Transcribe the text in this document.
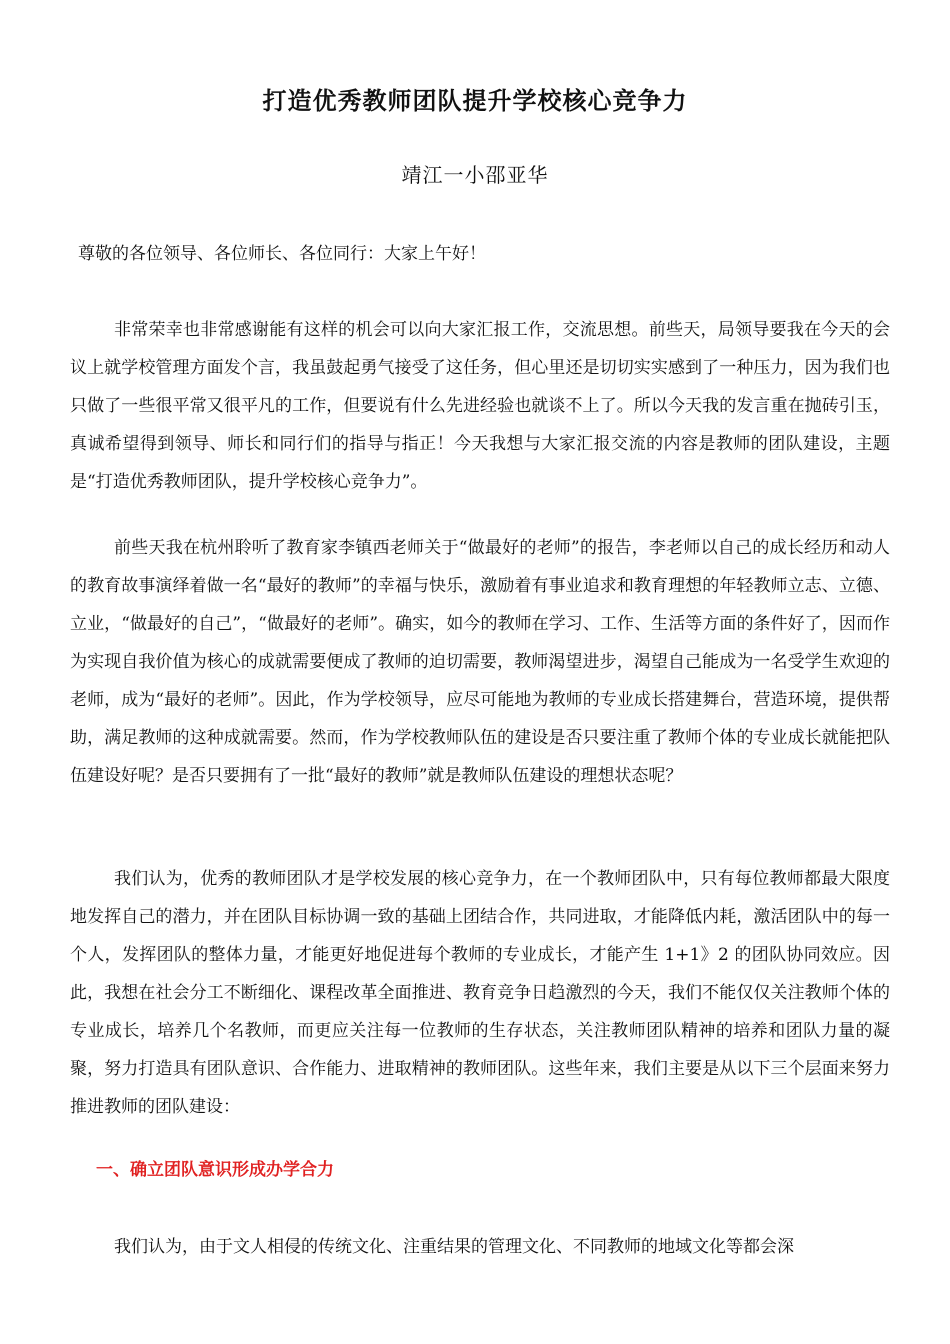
打造优秀教师团队提升学校核心竞争力
靖江一小邵亚华
尊敬的各位领导、各位师长、各位同行：大家上午好！

非常荣幸也非常感谢能有这样的机会可以向大家汇报工作，交流思想。前些天，局领导要我在今天的会议上就学校管理方面发个言，我虽鼓起勇气接受了这任务，但心里还是切切实实感到了一种压力，因为我们也只做了一些很平常又很平凡的工作，但要说有什么先进经验也就谈不上了。所以今天我的发言重在抛砖引玉，真诚希望得到领导、师长和同行们的指导与指正！今天我想与大家汇报交流的内容是教师的团队建设，主题是“打造优秀教师团队，提升学校核心竞争力”。

前些天我在杭州聆听了教育家李镇西老师关于“做最好的老师”的报告，李老师以自己的成长经历和动人的教育故事演绎着做一名“最好的教师”的幸福与快乐，激励着有事业追求和教育理想的年轻教师立志、立德、立业，“做最好的自己”，“做最好的老师”。确实，如今的教师在学习、工作、生活等方面的条件好了，因而作为实现自我价值为核心的成就需要便成了教师的迫切需要，教师渴望进步，渴望自己能成为一名受学生欢迎的老师，成为“最好的老师”。因此，作为学校领导，应尽可能地为教师的专业成长搭建舞台，营造环境，提供帮助，满足教师的这种成就需要。然而，作为学校教师队伍的建设是否只要注重了教师个体的专业成长就能把队伍建设好呢？是否只要拥有了一批“最好的教师”就是教师队伍建设的理想状态呢？

我们认为，优秀的教师团队才是学校发展的核心竞争力，在一个教师团队中，只有每位教师都最大限度地发挥自己的潜力，并在团队目标协调一致的基础上团结合作，共同进取，才能降低内耗，激活团队中的每一个人，发挥团队的整体力量，才能更好地促进每个教师的专业成长，才能产生 1+1》2 的团队协同效应。因此，我想在社会分工不断细化、课程改革全面推进、教育竞争日趋激烈的今天，我们不能仅仅关注教师个体的专业成长，培养几个名教师，而更应关注每一位教师的生存状态，关注教师团队精神的培养和团队力量的凝聚，努力打造具有团队意识、合作能力、进取精神的教师团队。这些年来，我们主要是从以下三个层面来努力推进教师的团队建设：

一、确立团队意识形成办学合力

我们认为，由于文人相侵的传统文化、注重结果的管理文化、不同教师的地域文化等都会深
